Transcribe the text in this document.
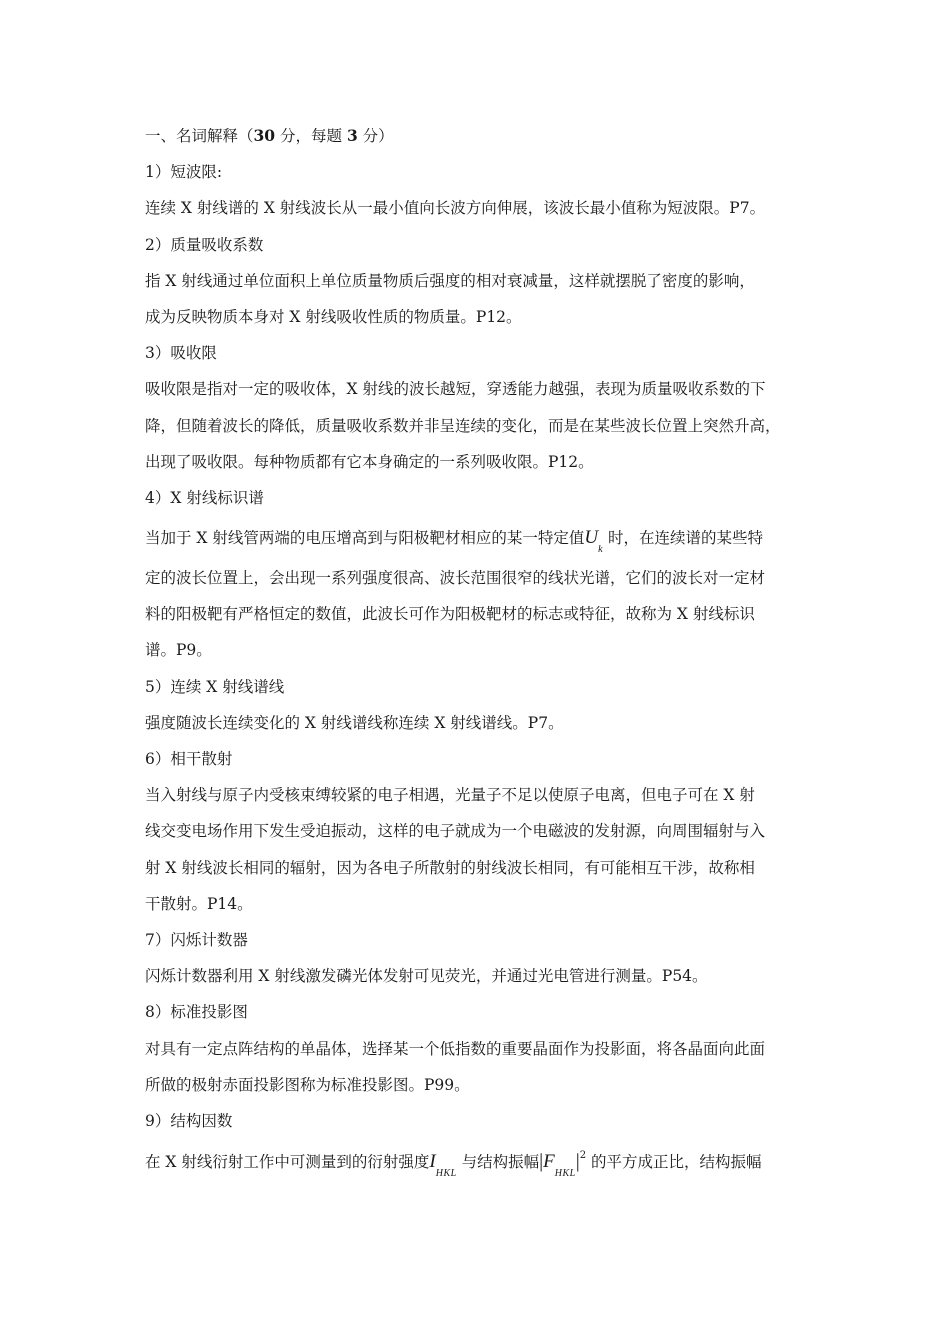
一、名词解释（30 分，每题 3 分）
1）短波限:
连续 X 射线谱的 X 射线波长从一最小值向长波方向伸展，该波长最小值称为短波限。P7。
2）质量吸收系数
指 X 射线通过单位面积上单位质量物质后强度的相对衰减量，这样就摆脱了密度的影响，
成为反映物质本身对 X 射线吸收性质的物质量。P12。
3）吸收限
吸收限是指对一定的吸收体，X 射线的波长越短，穿透能力越强，表现为质量吸收系数的下
降，但随着波长的降低，质量吸收系数并非呈连续的变化，而是在某些波长位置上突然升高，
出现了吸收限。每种物质都有它本身确定的一系列吸收限。P12。
4）X 射线标识谱
当加于 X 射线管两端的电压增高到与阳极靶材相应的某一特定值$U_k$ 时，在连续谱的某些特
定的波长位置上，会出现一系列强度很高、波长范围很窄的线状光谱，它们的波长对一定材
料的阳极靶有严格恒定的数值，此波长可作为阳极靶材的标志或特征，故称为 X 射线标识
谱。P9。
5）连续 X 射线谱线
强度随波长连续变化的 X 射线谱线称连续 X 射线谱线。P7。
6）相干散射
当入射线与原子内受核束缚较紧的电子相遇，光量子不足以使原子电离，但电子可在 X 射
线交变电场作用下发生受迫振动，这样的电子就成为一个电磁波的发射源，向周围辐射与入
射 X 射线波长相同的辐射，因为各电子所散射的射线波长相同，有可能相互干涉，故称相
干散射。P14。
7）闪烁计数器
闪烁计数器利用 X 射线激发磷光体发射可见荧光，并通过光电管进行测量。P54。
8）标准投影图
对具有一定点阵结构的单晶体，选择某一个低指数的重要晶面作为投影面，将各晶面向此面
所做的极射赤面投影图称为标准投影图。P99。
9）结构因数
在 X 射线衍射工作中可测量到的衍射强度$I_{HKL}$ 与结构振幅$|F_{HKL}|^2$ 的平方成正比，结构振幅
